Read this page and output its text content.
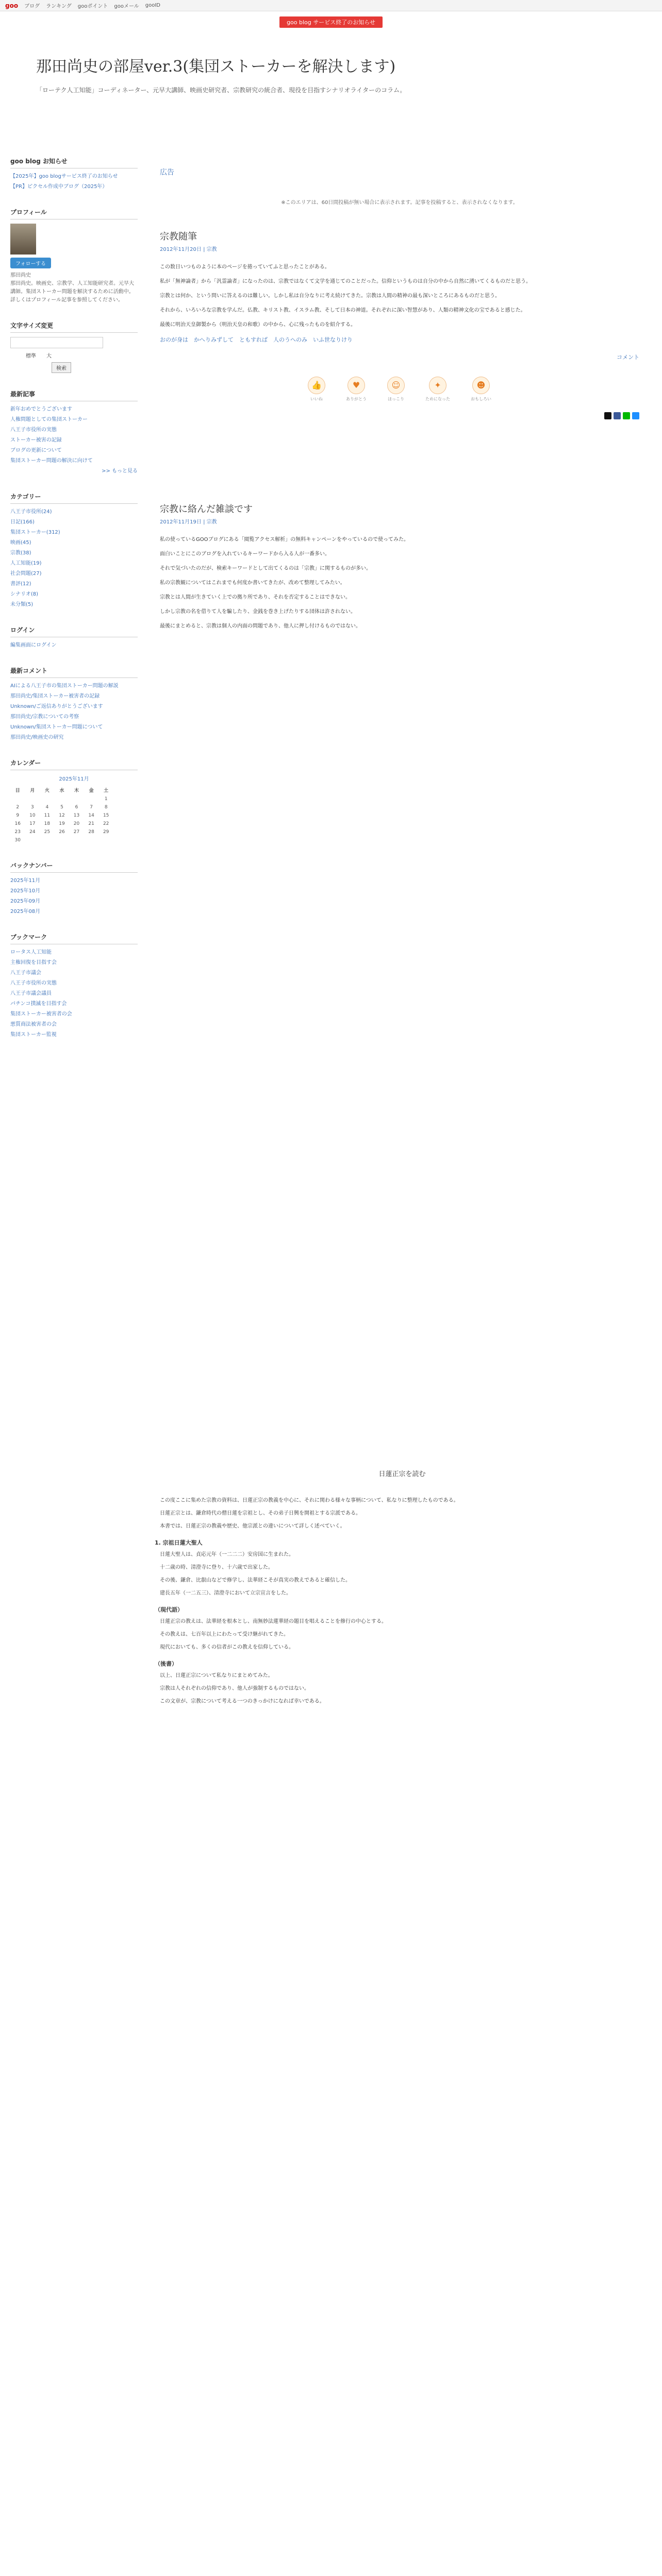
goo ブログ ランキング gooポイント gooメール gooID
goo blog サービス終了のお知らせ
那田尚史の部屋ver.3(集団ストーカーを解決します)
「ローテク人工知能」コーディネーター、元早大講師、映画史研究者、宗教研究の統合者、現役を目指すシナリオライターのコラム。
goo blog お知らせ
【2025年】goo blogサービス終了のお知らせ
【PR】ピクセル作成中ブログ（2025年）
プロフィール
フォローする
那田尚史
那田尚史。映画史、宗教学、人工知能研究者。元早大講師。集団ストーカー問題を解決するために活動中。詳しくはプロフィール記事を参照してください。
文字サイズ変更
標準 大
検索
最新記事
新年おめでとうございます
人権問題としての集団ストーカー
八王子市役所の実態
ストーカー被害の記録
ブログの更新について
集団ストーカー問題の解決に向けて
>> もっと見る
カテゴリー
八王子市役所(24)
日記(166)
集団ストーカー(312)
映画(45)
宗教(38)
人工知能(19)
社会問題(27)
書評(12)
シナリオ(8)
未分類(5)
ログイン
編集画面にログイン
最新コメント
AIによる八王子市の集団ストーカー問題の解説
那田尚史/集団ストーカー被害者の記録
Unknown/ご返信ありがとうございます
那田尚史/宗教についての考察
Unknown/集団ストーカー問題について
那田尚史/映画史の研究
カレンダー
2025年11月
日	月	火	水	木	金	土
						1
2	3	4	5	6	7	8
9	10	11	12	13	14	15
16	17	18	19	20	21	22
23	24	25	26	27	28	29
30						
バックナンバー
2025年11月
2025年10月
2025年09月
2025年08月
ブックマーク
ロータス人工知能
主権回復を目指す会
八王子市議会
八王子市役所の実態
八王子市議会議員
パチンコ撲滅を目指す会
集団ストーカー被害者の会
悪質商法被害者の会
集団ストーカー監視
広告
※このエリアは、60日間投稿が無い場合に表示されます。記事を投稿すると、表示されなくなります。
宗教随筆
2012年11月20日 | 宗教

この数日いつものように本のページを捲っていてふと思ったことがある。

私が「無神論者」から「汎霊論者」になったのは、宗教ではなくて文学を通じてのことだった。信仰というものは自分の中から自然に湧いてくるものだと思う。

宗教とは何か、という問いに答えるのは難しい。しかし私は自分なりに考え続けてきた。宗教は人間の精神の最も深いところにあるものだと思う。

それから、いろいろな宗教を学んだ。仏教、キリスト教、イスラム教、そして日本の神道。それぞれに深い智慧があり、人類の精神文化の宝であると感じた。

最後に明治天皇御製から（明治天皇の和歌）の中から、心に残ったものを紹介する。

おのが身は　かへりみずして　ともすれば　人のうへのみ　いふ世なりけり
コメント
👍
いいね
♥
ありがとう
☺
ほっこり
✦
ためになった
☻
おもしろい
宗教に絡んだ雑談です
2012年11月19日 | 宗教

私の使っているGOOブログにある「閲覧アクセス解析」の無料キャンペーンをやっているので使ってみた。

面白いことにこのブログを入れているキーワードから入る人が一番多い。

それで気づいたのだが、検索キーワードとして出てくるのは「宗教」に関するものが多い。

私の宗教観についてはこれまでも何度か書いてきたが、改めて整理してみたい。

宗教とは人間が生きていく上での拠り所であり、それを否定することはできない。

しかし宗教の名を借りて人を騙したり、金銭を巻き上げたりする団体は許されない。

最後にまとめると、宗教は個人の内面の問題であり、他人に押し付けるものではない。

日蓮正宗を読む

この度ここに集めた宗教の資料は、日蓮正宗の教義を中心に、それに関わる様々な事柄について、私なりに整理したものである。

日蓮正宗とは、鎌倉時代の僧日蓮を宗祖とし、その弟子日興を開祖とする宗派である。

本書では、日蓮正宗の教義や歴史、他宗派との違いについて詳しく述べていく。

1. 宗祖日蓮大聖人

日蓮大聖人は、貞応元年（一二二二）安房国に生まれた。

十二歳の時、清澄寺に登り、十六歳で出家した。

その後、鎌倉、比叡山などで修学し、法華経こそが真実の教えであると確信した。

建長五年（一二五三）、清澄寺において立宗宣言をした。

（現代語）

日蓮正宗の教えは、法華経を根本とし、南無妙法蓮華経の題目を唱えることを修行の中心とする。

その教えは、七百年以上にわたって受け継がれてきた。

現代においても、多くの信者がこの教えを信仰している。

（後書）

以上、日蓮正宗について私なりにまとめてみた。

宗教は人それぞれの信仰であり、他人が強制するものではない。

この文章が、宗教について考える一つのきっかけになれば幸いである。
